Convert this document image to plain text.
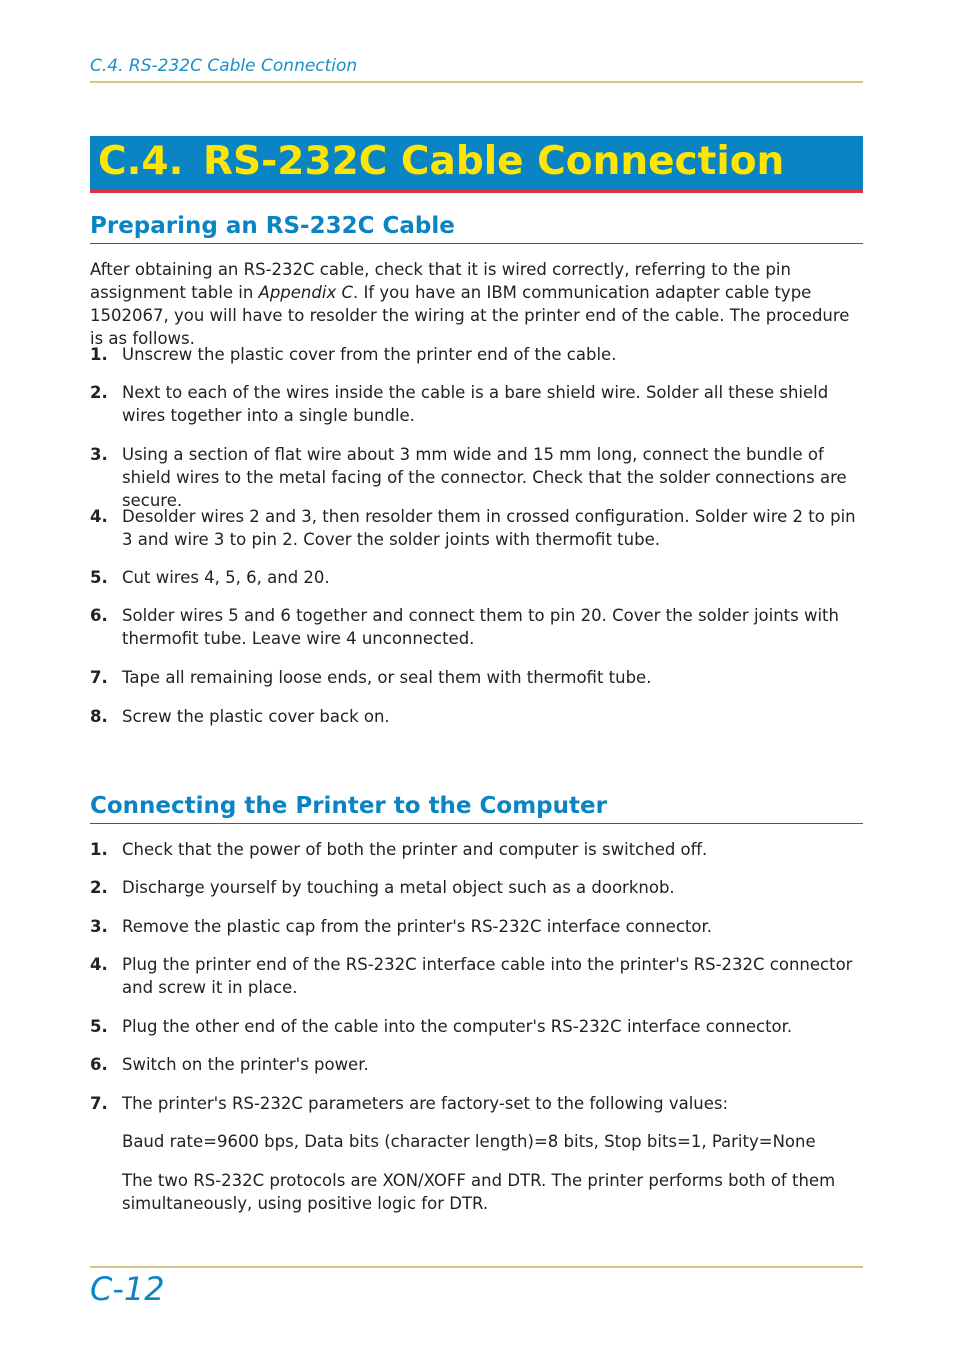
C.4. RS-232C Cable Connection
C.4. RS-232C Cable Connection
Preparing an RS-232C Cable

After obtaining an RS-232C cable, check that it is wired correctly, referring to the pin assignment table in Appendix C. If you have an IBM communication adapter cable type 1502067, you will have to resolder the wiring at the printer end of the cable. The procedure is as follows.

1. Unscrew the plastic cover from the printer end of the cable.
2. Next to each of the wires inside the cable is a bare shield wire. Solder all these shield wires together into a single bundle.
3. Using a section of flat wire about 3 mm wide and 15 mm long, connect the bundle of shield wires to the metal facing of the connector. Check that the solder connections are secure.
4. Desolder wires 2 and 3, then resolder them in crossed configuration. Solder wire 2 to pin 3 and wire 3 to pin 2. Cover the solder joints with thermofit tube.
5. Cut wires 4, 5, 6, and 20.
6. Solder wires 5 and 6 together and connect them to pin 20. Cover the solder joints with thermofit tube. Leave wire 4 unconnected.
7. Tape all remaining loose ends, or seal them with thermofit tube.
8. Screw the plastic cover back on.
Connecting the Printer to the Computer
1. Check that the power of both the printer and computer is switched off.
2. Discharge yourself by touching a metal object such as a doorknob.
3. Remove the plastic cap from the printer's RS-232C interface connector.
4. Plug the printer end of the RS-232C interface cable into the printer's RS-232C connector and screw it in place.
5. Plug the other end of the cable into the computer's RS-232C interface connector.
6. Switch on the printer's power.
7. The printer's RS-232C parameters are factory-set to the following values:
Baud rate=9600 bps, Data bits (character length)=8 bits, Stop bits=1, Parity=None
The two RS-232C protocols are XON/XOFF and DTR. The printer performs both of them simultaneously, using positive logic for DTR.
C-12
